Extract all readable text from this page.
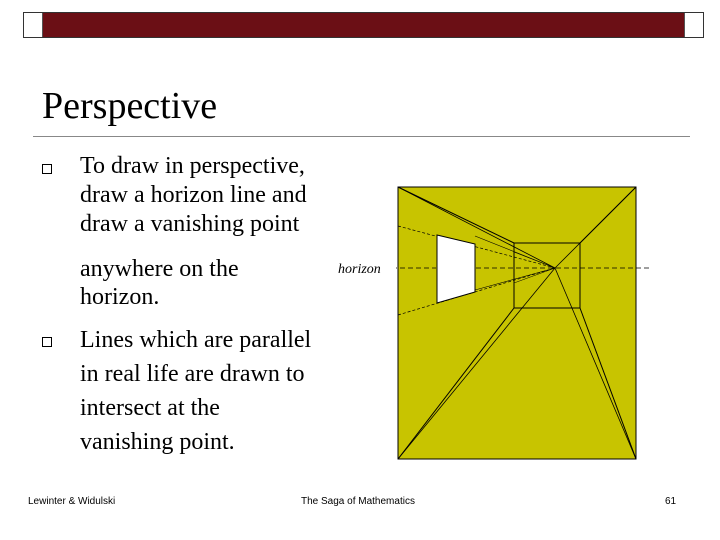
Perspective
To draw in perspective,
draw a horizon line and
draw a vanishing point
anywhere on the
horizon.
Lines which are parallel
in real life are drawn to
intersect at the
vanishing point.
horizon
Lewinter & Widulski	The Saga of Mathematics	61
